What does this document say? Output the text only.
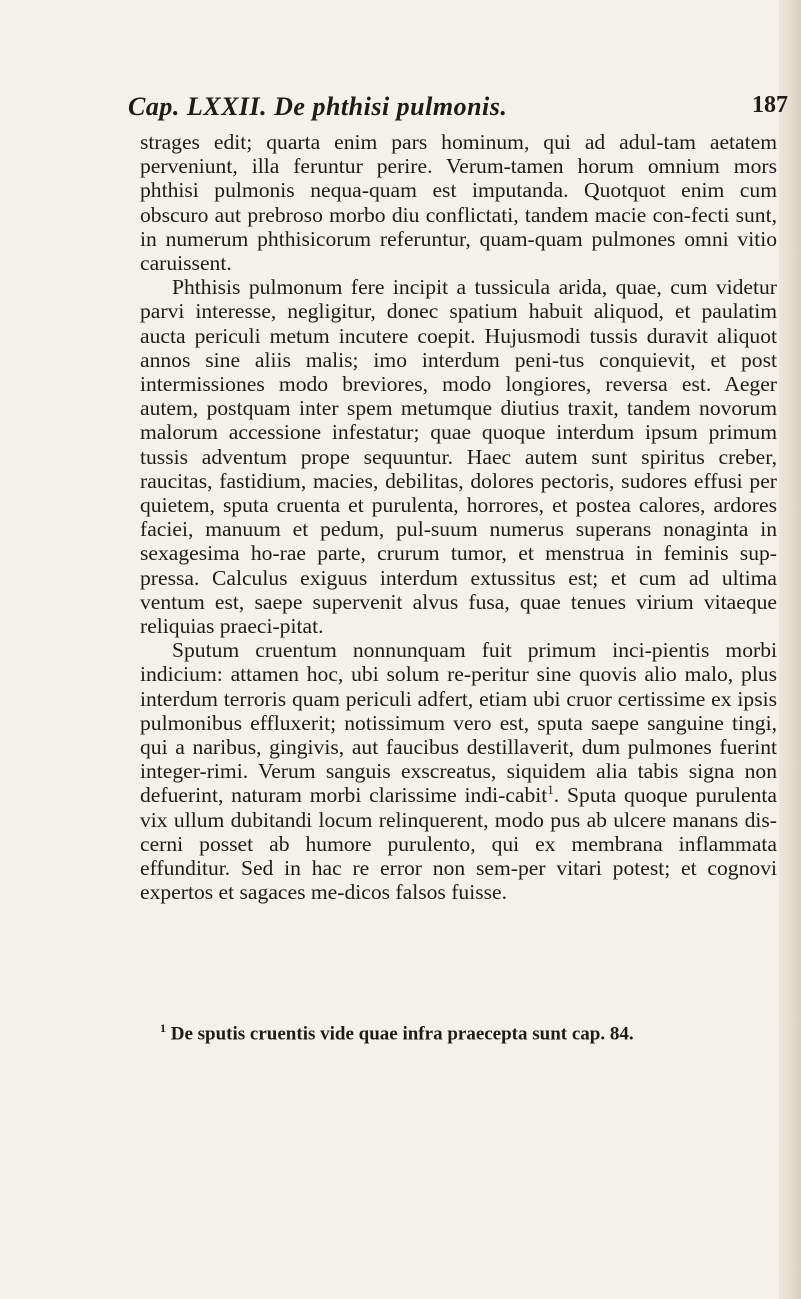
Cap. LXXII. De phthisi pulmonis.	187

strages edit; quarta enim pars hominum, qui ad adul-tam aetatem perveniunt, illa feruntur perire. Verum-tamen horum omnium mors phthisi pulmonis nequa-quam est imputanda. Quotquot enim cum obscuro aut prebroso morbo diu conflictati, tandem macie con-fecti sunt, in numerum phthisicorum referuntur, quam-quam pulmones omni vitio caruissent.

Phthisis pulmonum fere incipit a tussicula arida, quae, cum videtur parvi interesse, negligitur, donec spatium habuit aliquod, et paulatim aucta periculi metum incutere coepit. Hujusmodi tussis duravit aliquot annos sine aliis malis; imo interdum peni-tus conquievit, et post intermissiones modo breviores, modo longiores, reversa est. Aeger autem, postquam inter spem metumque diutius traxit, tandem novorum malorum accessione infestatur; quae quoque interdum ipsum primum tussis adventum prope sequuntur. Haec autem sunt spiritus creber, raucitas, fastidium, macies, debilitas, dolores pectoris, sudores effusi per quietem, sputa cruenta et purulenta, horrores, et postea calores, ardores faciei, manuum et pedum, pul-suum numerus superans nonaginta in sexagesima ho-rae parte, crurum tumor, et menstrua in feminis sup-pressa. Calculus exiguus interdum extussitus est; et cum ad ultima ventum est, saepe supervenit alvus fusa, quae tenues virium vitaeque reliquias praeci-pitat.

Sputum cruentum nonnunquam fuit primum inci-pientis morbi indicium: attamen hoc, ubi solum re-peritur sine quovis alio malo, plus interdum terroris quam periculi adfert, etiam ubi cruor certissime ex ipsis pulmonibus effluxerit; notissimum vero est, sputa saepe sanguine tingi, qui a naribus, gingivis, aut faucibus destillaverit, dum pulmones fuerint integer-rimi. Verum sanguis exscreatus, siquidem alia tabis signa non defuerint, naturam morbi clarissime indi-cabit$^1$. Sputa quoque purulenta vix ullum dubitandi locum relinquerent, modo pus ab ulcere manans dis-cerni posset ab humore purulento, qui ex membrana inflammata effunditur. Sed in hac re error non sem-per vitari potest; et cognovi expertos et sagaces me-dicos falsos fuisse.

$^1$ De sputis cruentis vide quae infra praecepta sunt cap. 84.
